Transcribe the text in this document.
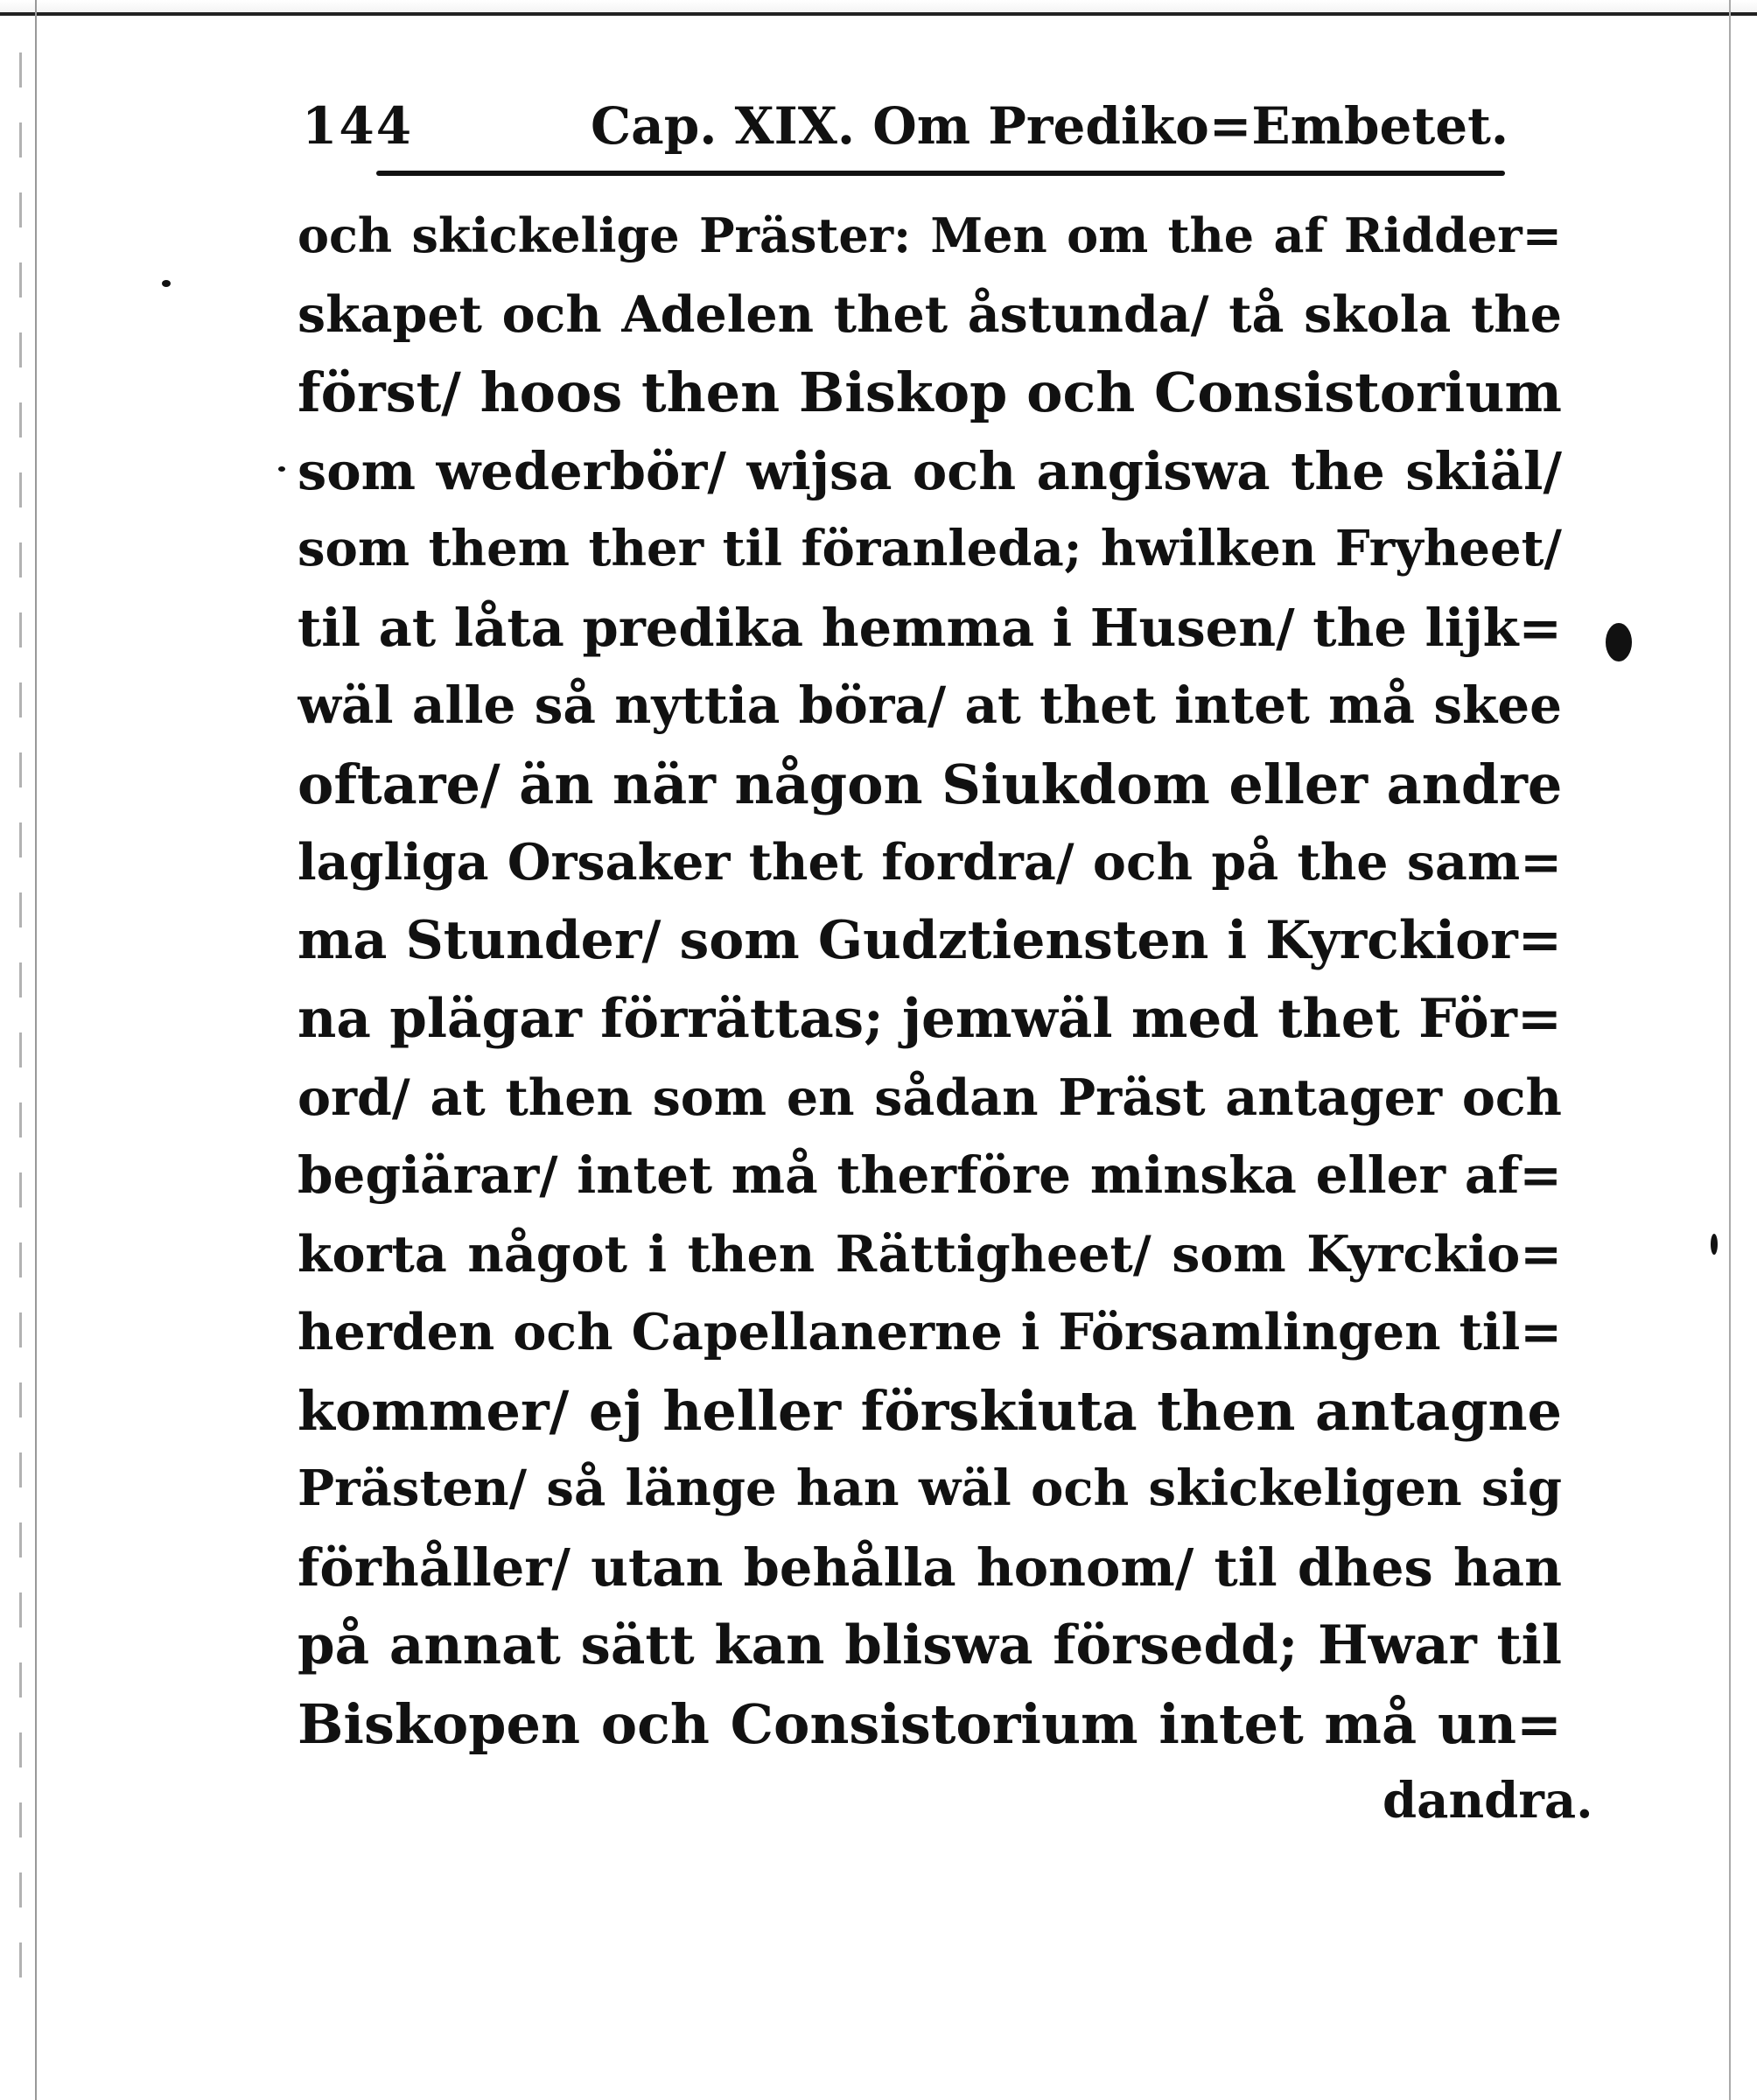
144	Cap. XIX. Om Prediko=Embetet.
och skickelige Präster: Men om the af Ridder=
skapet och Adelen thet åstunda/ tå skola the
först/ hoos then Biskop och Consistorium
som wederbör/ wijsa och angiswa the skiäl/
som them ther til föranleda; hwilken Fryheet/
til at låta predika hemma i Husen/ the lijk=
wäl alle så nyttia böra/ at thet intet må skee
oftare/ än när någon Siukdom eller andre
lagliga Orsaker thet fordra/ och på the sam=
ma Stunder/ som Gudztiensten i Kyrckior=
na plägar förrättas; jemwäl med thet För=
ord/ at then som en sådan Präst antager och
begiärar/ intet må therföre minska eller af=
korta något i then Rättigheet/ som Kyrckio=
herden och Capellanerne i Församlingen til=
kommer/ ej heller förskiuta then antagne
Prästen/ så länge han wäl och skickeligen sig
förhåller/ utan behålla honom/ til dhes han
på annat sätt kan bliswa försedd; Hwar til
Biskopen och Consistorium intet må un=
dandra.
